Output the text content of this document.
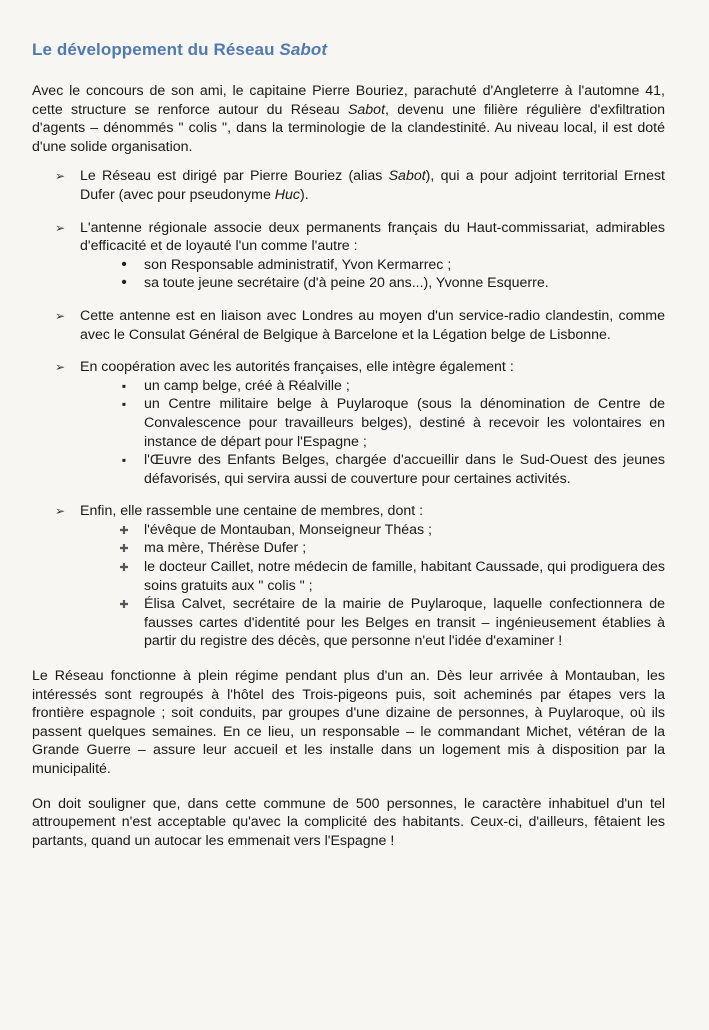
Le développement du Réseau Sabot

Avec le concours de son ami, le capitaine Pierre Bouriez, parachuté d'Angleterre à l'automne 41, cette structure se renforce autour du Réseau Sabot, devenu une filière régulière d'exfiltration d'agents – dénommés " colis ", dans la terminologie de la clandestinité. Au niveau local, il est doté d'une solide organisation.

➢ Le Réseau est dirigé par Pierre Bouriez (alias Sabot), qui a pour adjoint territorial Ernest Dufer (avec pour pseudonyme Huc).
➢ L'antenne régionale associe deux permanents français du Haut-commissariat, admirables d'efficacité et de loyauté l'un comme l'autre :
•
son Responsable administratif, Yvon Kermarrec ;
•
sa toute jeune secrétaire (d'à peine 20 ans...), Yvonne Esquerre.
➢ Cette antenne est en liaison avec Londres au moyen d'un service-radio clandestin, comme avec le Consulat Général de Belgique à Barcelone et la Légation belge de Lisbonne.
➢ En coopération avec les autorités françaises, elle intègre également :
▪
un camp belge, créé à Réalville ;
▪
un Centre militaire belge à Puylaroque (sous la dénomination de Centre de Convalescence pour travailleurs belges), destiné à recevoir les volontaires en instance de départ pour l'Espagne ;
▪
l'Œuvre des Enfants Belges, chargée d'accueillir dans le Sud-Ouest des jeunes défavorisés, qui servira aussi de couverture pour certaines activités.
➢ Enfin, elle rassemble une centaine de membres, dont :
✚
l'évêque de Montauban, Monseigneur Théas ;
✚
ma mère, Thérèse Dufer ;
✚
le docteur Caillet, notre médecin de famille, habitant Caussade, qui prodiguera des soins gratuits aux " colis " ;
✚
Élisa Calvet, secrétaire de la mairie de Puylaroque, laquelle confectionnera de fausses cartes d'identité pour les Belges en transit – ingénieusement établies à partir du registre des décès, que personne n'eut l'idée d'examiner !

Le Réseau fonctionne à plein régime pendant plus d'un an. Dès leur arrivée à Montauban, les intéressés sont regroupés à l'hôtel des Trois-pigeons puis, soit acheminés par étapes vers la frontière espagnole ; soit conduits, par groupes d'une dizaine de personnes, à Puylaroque, où ils passent quelques semaines. En ce lieu, un responsable – le commandant Michet, vétéran de la Grande Guerre – assure leur accueil et les installe dans un logement mis à disposition par la municipalité.

On doit souligner que, dans cette commune de 500 personnes, le caractère inhabituel d'un tel attroupement n'est acceptable qu'avec la complicité des habitants. Ceux-ci, d'ailleurs, fêtaient les partants, quand un autocar les emmenait vers l'Espagne !
